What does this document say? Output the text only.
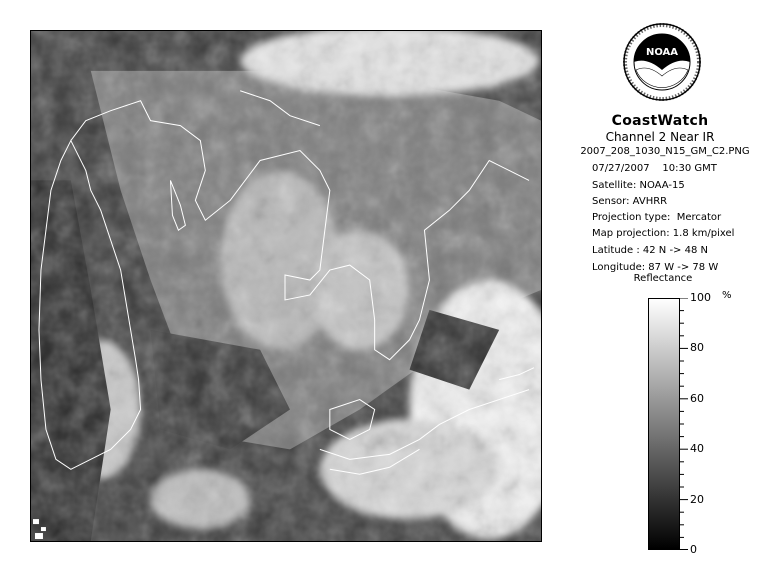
NOAA
CoastWatch
Channel 2 Near IR
2007_208_1030_N15_GM_C2.PNG
07/27/2007 10:30 GMT
Satellite: NOAA-15
Sensor: AVHRR
Projection type:  Mercator
Map projection: 1.8 km/pixel
Latitude : 42 N -> 48 N
Longitude: 87 W -> 78 W
Reflectance
%
100
80
60
40
20
0
